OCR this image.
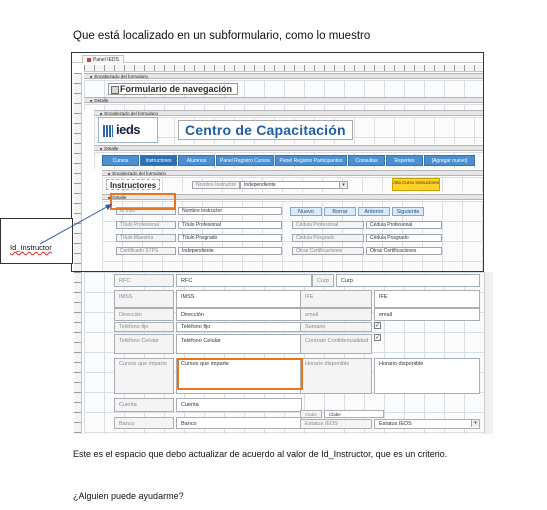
Que está localizado en un subformulario, como lo muestro

Panel IEDS
■ Encabezado del formulario
Formulario de navegación
■ Detalle
■ Encabezado del formulario
ieds	Centro de Capacitación
■ Detalle
Cursos	Instructores	Alumnos	Panel Registro Cursos	Panel Registro Participantes	Consultas	Reportes	[Agregar nuevo]
■ Encabezado del formulario
Instructores	Nombre Instructor	Independiente ▾	Alta Curso Instructores
■ Detalle
Id Instr	Nombre Instructor	Nuevo	Borrar	Anterior	Siguiente
Título Profesional	Título Profesional	Cédula Profesional	Cédula Profesional
Título Maestría	Título Posgrado	Cédula Posgrado	Cédula Posgrado
Certificado STPS	Independiente	Otras Certificaciones	Otras Certificaciones
Id_Instructor
RFC	RFC	Curp	Curp
IMSS	IMSS	IFE	IFE
Dirección	Dirección	email	email
Teléfono fijo	Teléfono fijo	Sumario	✓
Teléfono Celular	Teléfono Celular	Contrato Confidencialidad	✓
Cursos que imparte	Cursos que imparte	Horario disponible	Horario disponible
Cuenta	Cuenta
Clabe	Clabe
Banco	Banco	Estatus IEDS	Estatus IEDS ▾

Este es el espacio que debo actualizar de acuerdo al valor de Id_Instructor, que es un criterio.

¿Alguien puede ayudarme?
